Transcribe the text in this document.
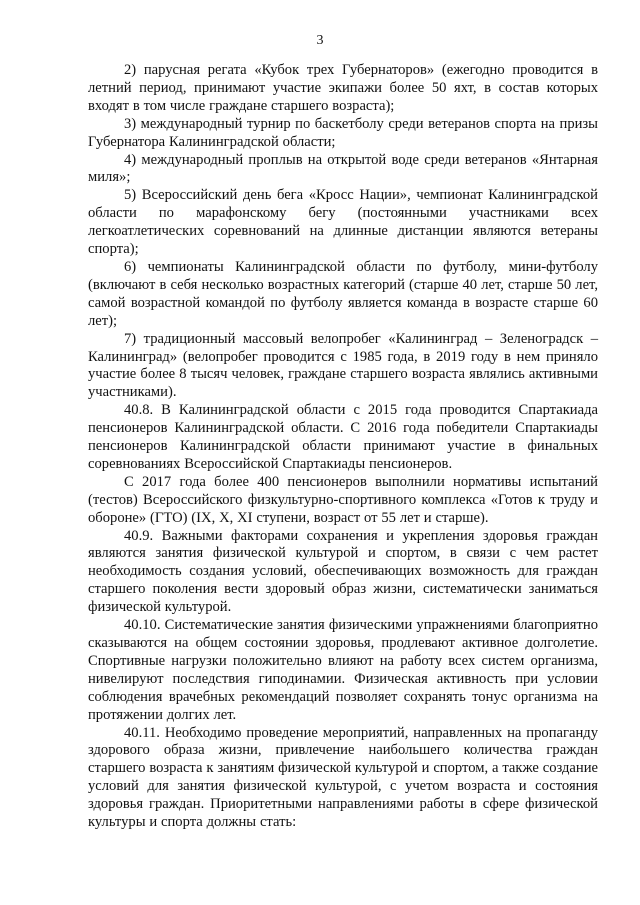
3

2) парусная регата «Кубок трех Губернаторов» (ежегодно проводится в летний период, принимают участие экипажи более 50 яхт, в состав которых входят в том числе граждане старшего возраста);

3) международный турнир по баскетболу среди ветеранов спорта на призы Губернатора Калининградской области;

4) международный проплыв на открытой воде среди ветеранов «Янтарная миля»;

5) Всероссийский день бега «Кросс Нации», чемпионат Калининградской области по марафонскому бегу (постоянными участниками всех легкоатлетических соревнований на длинные дистанции являются ветераны спорта);

6) чемпионаты Калининградской области по футболу, мини-футболу (включают в себя несколько возрастных категорий (старше 40 лет, старше 50 лет, самой возрастной командой по футболу является команда в возрасте старше 60 лет);

7) традиционный массовый велопробег «Калининград – Зеленоградск – Калининград» (велопробег проводится с 1985 года, в 2019 году в нем приняло участие более 8 тысяч человек, граждане старшего возраста являлись активными участниками).

40.8. В Калининградской области с 2015 года проводится Спартакиада пенсионеров Калининградской области. С 2016 года победители Спартакиады пенсионеров Калининградской области принимают участие в финальных соревнованиях Всероссийской Спартакиады пенсионеров.

С 2017 года более 400 пенсионеров выполнили нормативы испытаний (тестов) Всероссийского физкультурно-спортивного комплекса «Готов к труду и обороне» (ГТО) (IX, X, XI ступени, возраст от 55 лет и старше).

40.9. Важными факторами сохранения и укрепления здоровья граждан являются занятия физической культурой и спортом, в связи с чем растет необходимость создания условий, обеспечивающих возможность для граждан старшего поколения вести здоровый образ жизни, систематически заниматься физической культурой.

40.10. Систематические занятия физическими упражнениями благоприятно сказываются на общем состоянии здоровья, продлевают активное долголетие. Спортивные нагрузки положительно влияют на работу всех систем организма, нивелируют последствия гиподинамии. Физическая активность при условии соблюдения врачебных рекомендаций позволяет сохранять тонус организма на протяжении долгих лет.

40.11. Необходимо проведение мероприятий, направленных на пропаганду здорового образа жизни, привлечение наибольшего количества граждан старшего возраста к занятиям физической культурой и спортом, а также создание условий для занятия физической культурой, с учетом возраста и состояния здоровья граждан. Приоритетными направлениями работы в сфере физической культуры и спорта должны стать:
